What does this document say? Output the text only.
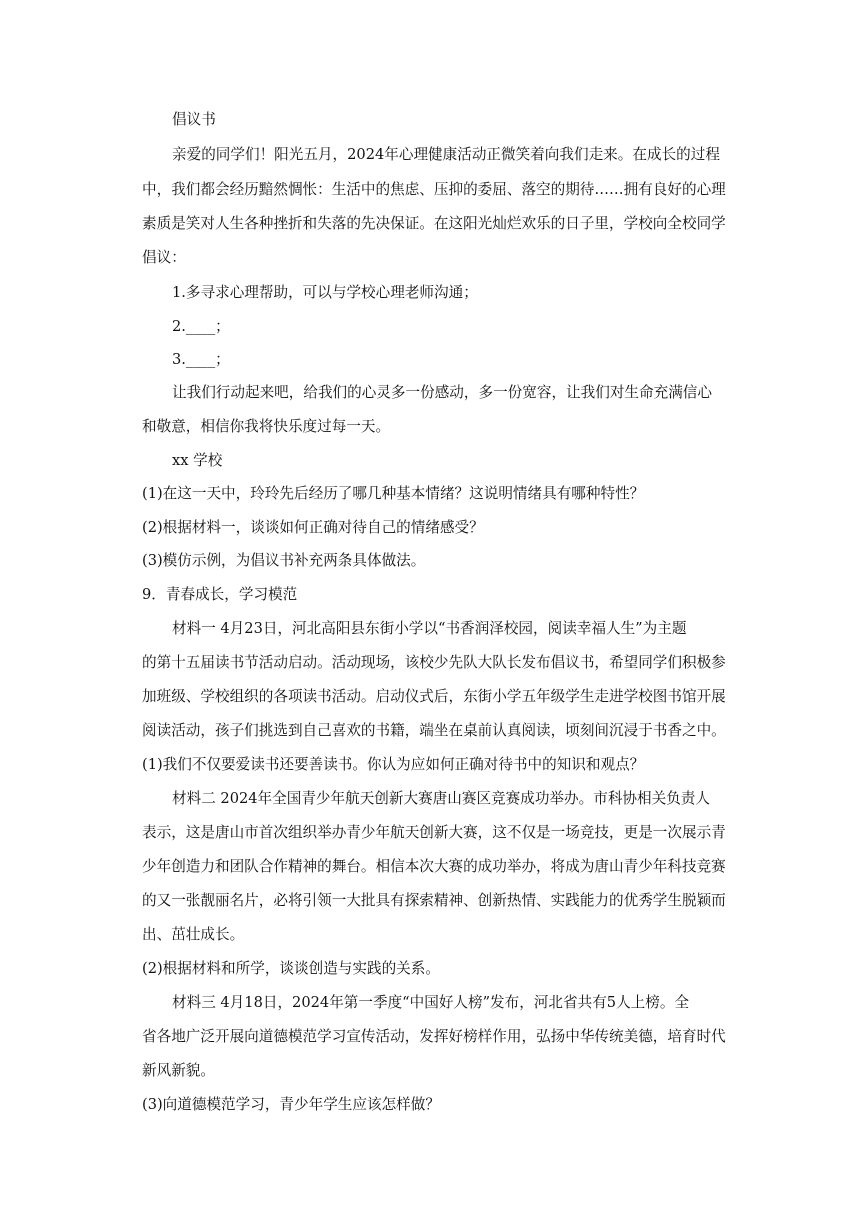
倡议书
亲爱的同学们！阳光五月，2024年心理健康活动正微笑着向我们走来。在成长的过程
中，我们都会经历黯然惆怅：生活中的焦虑、压抑的委屈、落空的期待……拥有良好的心理
素质是笑对人生各种挫折和失落的先决保证。在这阳光灿烂欢乐的日子里，学校向全校同学
倡议：
1.多寻求心理帮助，可以与学校心理老师沟通；
2.____；
3.____；
让我们行动起来吧，给我们的心灵多一份感动，多一份宽容，让我们对生命充满信心
和敬意，相信你我将快乐度过每一天。
xx 学校
(1)在这一天中，玲玲先后经历了哪几种基本情绪？这说明情绪具有哪种特性？
(2)根据材料一，谈谈如何正确对待自己的情绪感受？
(3)模仿示例，为倡议书补充两条具体做法。
9．青春成长，学习模范
材料一 4月23日，河北高阳县东街小学以“书香润泽校园，阅读幸福人生”为主题
的第十五届读书节活动启动。活动现场，该校少先队大队长发布倡议书，希望同学们积极参
加班级、学校组织的各项读书活动。启动仪式后，东街小学五年级学生走进学校图书馆开展
阅读活动，孩子们挑选到自己喜欢的书籍，端坐在桌前认真阅读，顷刻间沉浸于书香之中。
(1)我们不仅要爱读书还要善读书。你认为应如何正确对待书中的知识和观点？
材料二 2024年全国青少年航天创新大赛唐山赛区竞赛成功举办。市科协相关负责人
表示，这是唐山市首次组织举办青少年航天创新大赛，这不仅是一场竞技，更是一次展示青
少年创造力和团队合作精神的舞台。相信本次大赛的成功举办，将成为唐山青少年科技竞赛
的又一张靓丽名片，必将引领一大批具有探索精神、创新热情、实践能力的优秀学生脱颖而
出、茁壮成长。
(2)根据材料和所学，谈谈创造与实践的关系。
材料三 4月18日，2024年第一季度“中国好人榜”发布，河北省共有5人上榜。全
省各地广泛开展向道德模范学习宣传活动，发挥好榜样作用，弘扬中华传统美德，培育时代
新风新貌。
(3)向道德模范学习，青少年学生应该怎样做？
